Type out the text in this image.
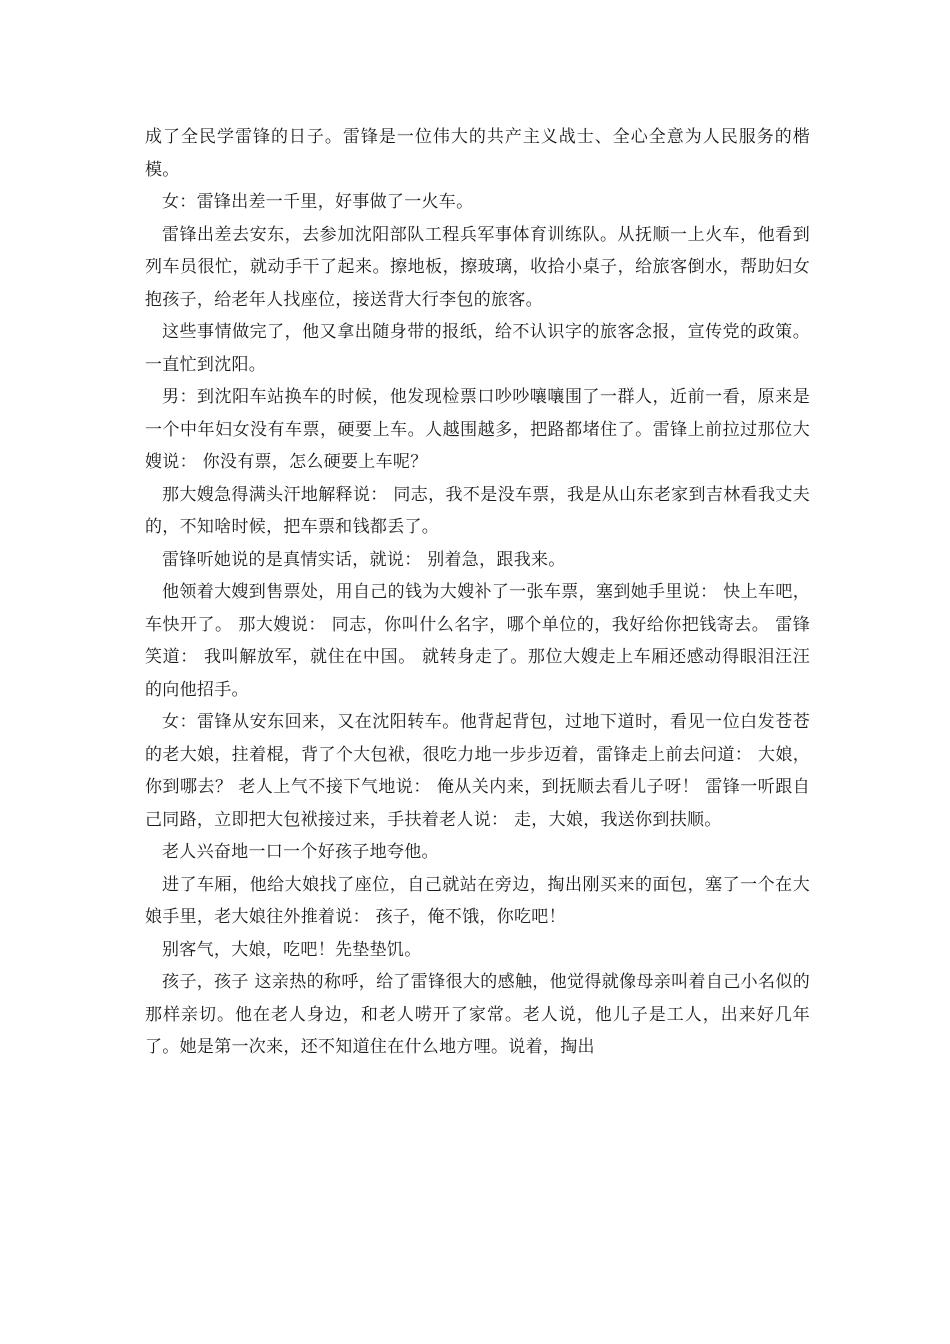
成了全民学雷锋的日子。雷锋是一位伟大的共产主义战士、全心全意为人民服务的楷模。

女：雷锋出差一千里，好事做了一火车。

雷锋出差去安东，去参加沈阳部队工程兵军事体育训练队。从抚顺一上火车，他看到列车员很忙，就动手干了起来。擦地板，擦玻璃，收拾小桌子，给旅客倒水，帮助妇女抱孩子，给老年人找座位，接送背大行李包的旅客。

这些事情做完了，他又拿出随身带的报纸，给不认识字的旅客念报，宣传党的政策。一直忙到沈阳。

男：到沈阳车站换车的时候，他发现检票口吵吵嚷嚷围了一群人，近前一看，原来是一个中年妇女没有车票，硬要上车。人越围越多，把路都堵住了。雷锋上前拉过那位大嫂说： 你没有票，怎么硬要上车呢？

那大嫂急得满头汗地解释说： 同志，我不是没车票，我是从山东老家到吉林看我丈夫的，不知啥时候，把车票和钱都丢了。

雷锋听她说的是真情实话，就说： 别着急，跟我来。

他领着大嫂到售票处，用自己的钱为大嫂补了一张车票，塞到她手里说： 快上车吧，车快开了。 那大嫂说： 同志，你叫什么名字，哪个单位的，我好给你把钱寄去。 雷锋笑道： 我叫解放军，就住在中国。 就转身走了。那位大嫂走上车厢还感动得眼泪汪汪的向他招手。

女：雷锋从安东回来，又在沈阳转车。他背起背包，过地下道时，看见一位白发苍苍的老大娘，拄着棍，背了个大包袱，很吃力地一步步迈着，雷锋走上前去问道： 大娘，你到哪去？ 老人上气不接下气地说： 俺从关内来，到抚顺去看儿子呀！ 雷锋一听跟自己同路，立即把大包袱接过来，手扶着老人说： 走，大娘，我送你到扶顺。

老人兴奋地一口一个好孩子地夸他。

进了车厢，他给大娘找了座位，自己就站在旁边，掏出刚买来的面包，塞了一个在大娘手里，老大娘往外推着说： 孩子，俺不饿，你吃吧！

别客气，大娘，吃吧！先垫垫饥。

孩子，孩子 这亲热的称呼，给了雷锋很大的感触，他觉得就像母亲叫着自己小名似的那样亲切。他在老人身边，和老人唠开了家常。老人说，他儿子是工人，出来好几年了。她是第一次来，还不知道住在什么地方哩。说着，掏出
